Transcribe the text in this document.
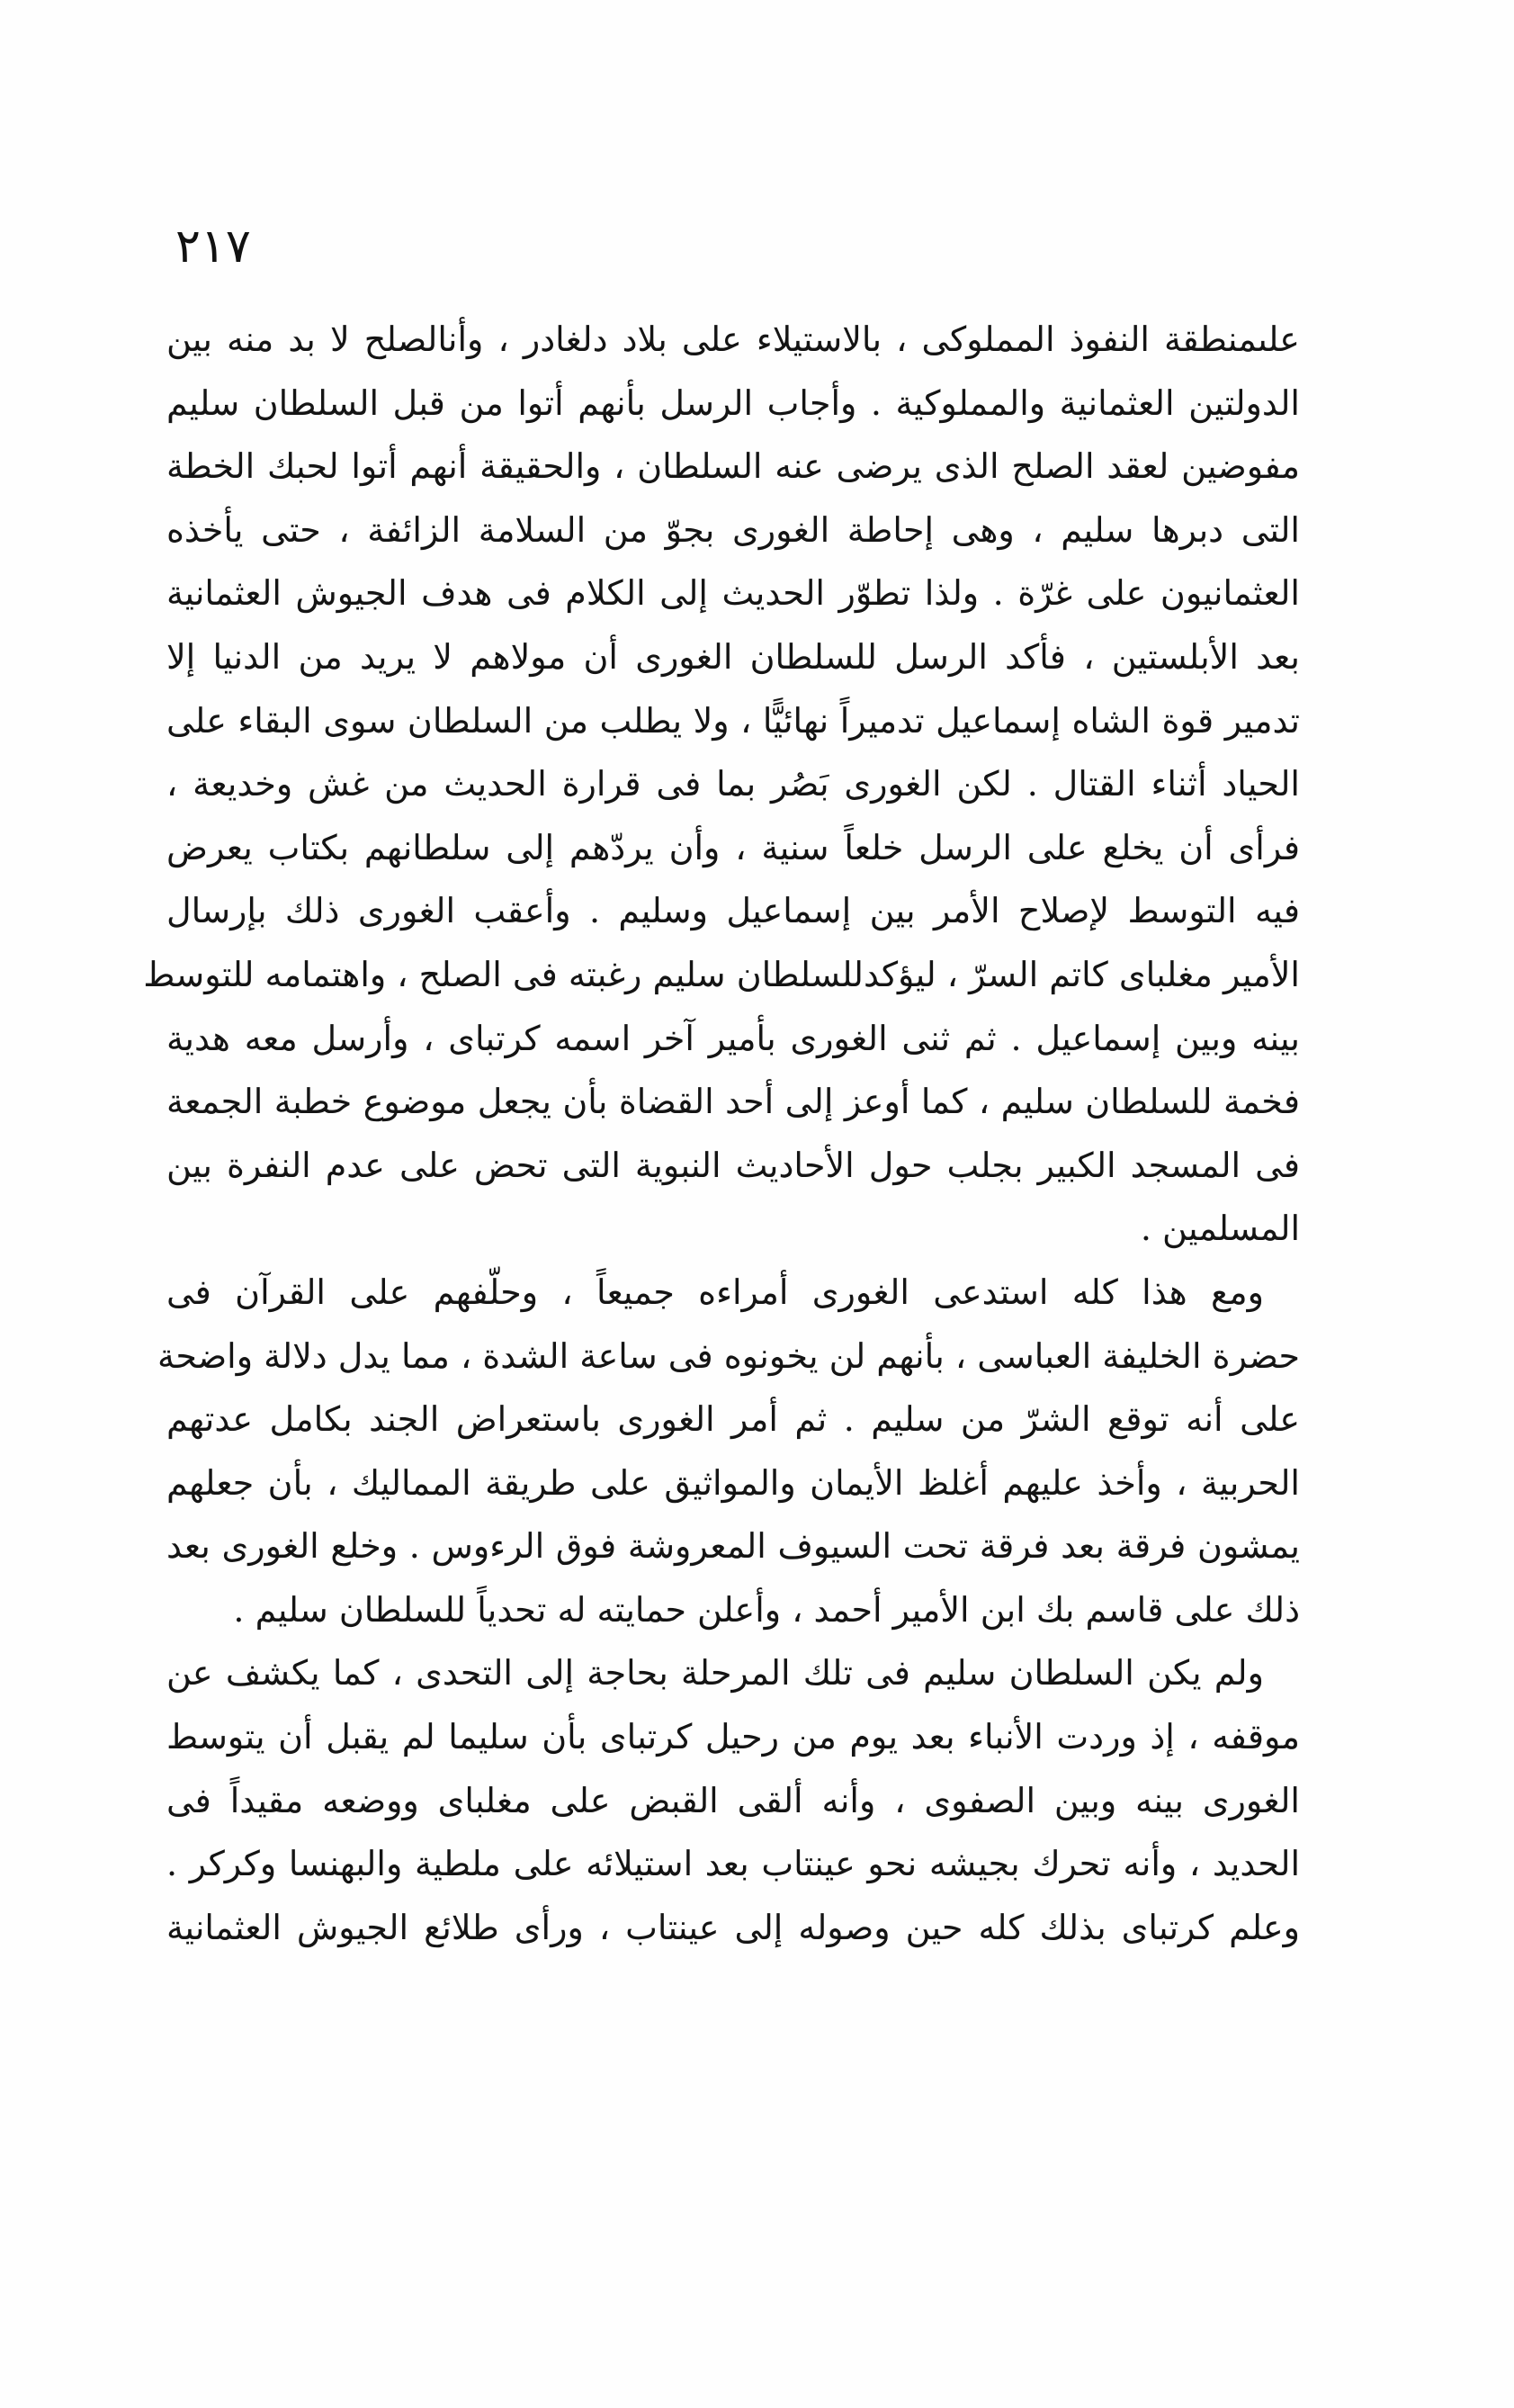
٢١٧
علىمنطقة النفوذ المملوكى ، بالاستيلاء على بلاد دلغادر ، وأنالصلح لا بد منه بين
الدولتين العثمانية والمملوكية . وأجاب الرسل بأنهم أتوا من قبل السلطان سليم
مفوضين لعقد الصلح الذى يرضى عنه السلطان ، والحقيقة أنهم أتوا لحبك الخطة
التى دبرها سليم ، وهى إحاطة الغورى بجوّ من السلامة الزائفة ، حتى يأخذه
العثمانيون على غرّة . ولذا تطوّر الحديث إلى الكلام فى هدف الجيوش العثمانية
بعد الأبلستين ، فأكد الرسل للسلطان الغورى أن مولاهم لا يريد من الدنيا إلا
تدمير قوة الشاه إسماعيل تدميراً نهائيًّا ، ولا يطلب من السلطان سوى البقاء على
الحياد أثناء القتال . لكن الغورى بَصُر بما فى قرارة الحديث من غش وخديعة ،
فرأى أن يخلع على الرسل خلعاً سنية ، وأن يردّهم إلى سلطانهم بكتاب يعرض
فيه التوسط لإصلاح الأمر بين إسماعيل وسليم . وأعقب الغورى ذلك بإرسال
الأمير مغلباى كاتم السرّ ، ليؤكدللسلطان سليم رغبته فى الصلح ، واهتمامه للتوسط
بينه وبين إسماعيل . ثم ثنى الغورى بأمير آخر اسمه كرتباى ، وأرسل معه هدية
فخمة للسلطان سليم ، كما أوعز إلى أحد القضاة بأن يجعل موضوع خطبة الجمعة
فى المسجد الكبير بجلب حول الأحاديث النبوية التى تحض على عدم النفرة بين
المسلمين .
ومع هذا كله استدعى الغورى أمراءه جميعاً ، وحلّفهم على القرآن فى
حضرة الخليفة العباسى ، بأنهم لن يخونوه فى ساعة الشدة ، مما يدل دلالة واضحة
على أنه توقع الشرّ من سليم . ثم أمر الغورى باستعراض الجند بكامل عدتهم
الحربية ، وأخذ عليهم أغلظ الأيمان والمواثيق على طريقة المماليك ، بأن جعلهم
يمشون فرقة بعد فرقة تحت السيوف المعروشة فوق الرءوس . وخلع الغورى بعد
ذلك على قاسم بك ابن الأمير أحمد ، وأعلن حمايته له تحدياً للسلطان سليم .
ولم يكن السلطان سليم فى تلك المرحلة بحاجة إلى التحدى ، كما يكشف عن
موقفه ، إذ وردت الأنباء بعد يوم من رحيل كرتباى بأن سليما لم يقبل أن يتوسط
الغورى بينه وبين الصفوى ، وأنه ألقى القبض على مغلباى ووضعه مقيداً فى
الحديد ، وأنه تحرك بجيشه نحو عينتاب بعد استيلائه على ملطية والبهنسا وكركر .
وعلم كرتباى بذلك كله حين وصوله إلى عينتاب ، ورأى طلائع الجيوش العثمانية
